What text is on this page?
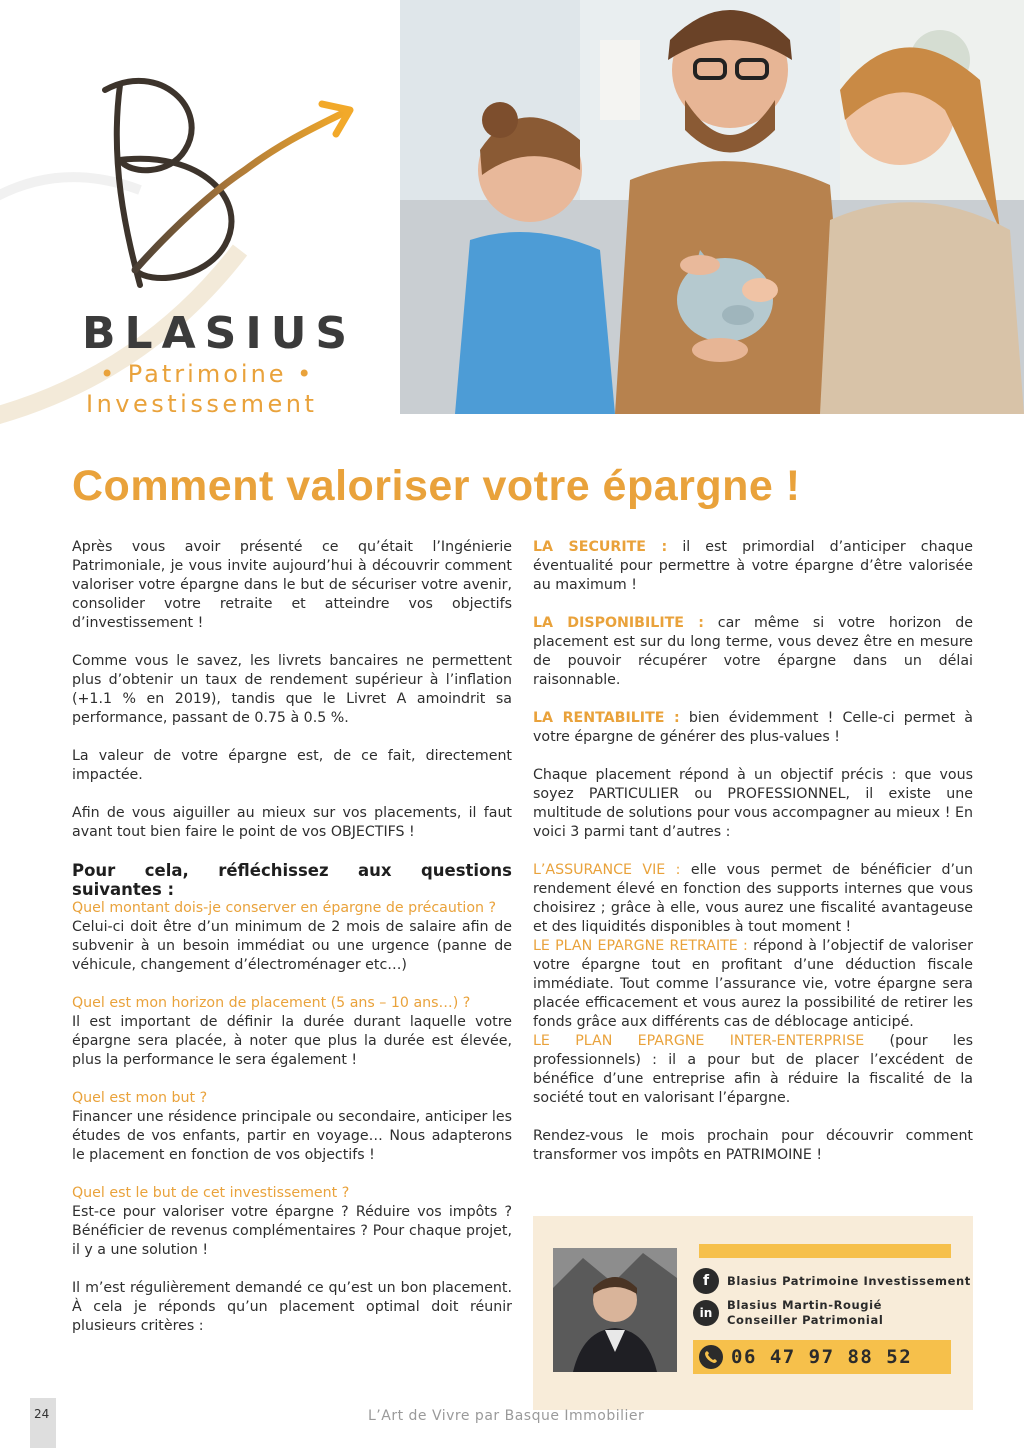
BLASIUS
• Patrimoine •
Investissement
Comment valoriser votre épargne !

Après vous avoir présenté ce qu’était l’Ingénierie Patrimoniale, je vous invite aujourd’hui à découvrir comment valoriser votre épargne dans le but de sécuriser votre avenir, consolider votre retraite et atteindre vos objectifs d’investissement !

Comme vous le savez, les livrets bancaires ne permettent plus d’obtenir un taux de rendement supérieur à l’inflation (+1.1 % en 2019), tandis que le Livret A amoindrit sa performance, passant de 0.75 à 0.5 %.

La valeur de votre épargne est, de ce fait, directement impactée.

Afin de vous aiguiller au mieux sur vos placements, il faut avant tout bien faire le point de vos OBJECTIFS !

Pour cela, réfléchissez aux questions suivantes :

Quel montant dois-je conserver en épargne de précaution ?

Celui-ci doit être d’un minimum de 2 mois de salaire afin de subvenir à un besoin immédiat ou une urgence (panne de véhicule, changement d’électroménager etc…)

Quel est mon horizon de placement (5 ans – 10 ans…) ?

Il est important de définir la durée durant laquelle votre épargne sera placée, à noter que plus la durée est élevée, plus la performance le sera également !

Quel est mon but ?

Financer une résidence principale ou secondaire, anticiper les études de vos enfants, partir en voyage… Nous adapterons le placement en fonction de vos objectifs !

Quel est le but de cet investissement ?

Est-ce pour valoriser votre épargne ? Réduire vos impôts ? Bénéficier de revenus complémentaires ? Pour chaque projet, il y a une solution !

Il m’est régulièrement demandé ce qu’est un bon placement. À cela je réponds qu’un placement optimal doit réunir plusieurs critères :

LA SECURITE : il est primordial d’anticiper chaque éventualité pour permettre à votre épargne d’être valorisée au maximum !

LA DISPONIBILITE : car même si votre horizon de placement est sur du long terme, vous devez être en mesure de pouvoir récupérer votre épargne dans un délai raisonnable.

LA RENTABILITE : bien évidemment ! Celle-ci permet à votre épargne de générer des plus-values !

Chaque placement répond à un objectif précis : que vous soyez PARTICULIER ou PROFESSIONNEL, il existe une multitude de solutions pour vous accompagner au mieux ! En voici 3 parmi tant d’autres :

L’ASSURANCE VIE : elle vous permet de bénéficier d’un rendement élevé en fonction des supports internes que vous choisirez ; grâce à elle, vous aurez une fiscalité avantageuse et des liquidités disponibles à tout moment !

LE PLAN EPARGNE RETRAITE : répond à l’objectif de valoriser votre épargne tout en profitant d’une déduction fiscale immédiate. Tout comme l’assurance vie, votre épargne sera placée efficacement et vous aurez la possibilité de retirer les fonds grâce aux différents cas de déblocage anticipé.

LE PLAN EPARGNE INTER-ENTERPRISE (pour les professionnels) : il a pour but de placer l’excédent de bénéfice d’une entreprise afin à réduire la fiscalité de la société tout en valorisant l’épargne.

Rendez-vous le mois prochain pour découvrir comment transformer vos impôts en PATRIMOINE !

f	Blasius Patrimoine Investissement
in
Blasius Martin-Rougié
Conseiller Patrimonial
06 47 97 88 52
24	L’Art de Vivre par Basque Immobilier
